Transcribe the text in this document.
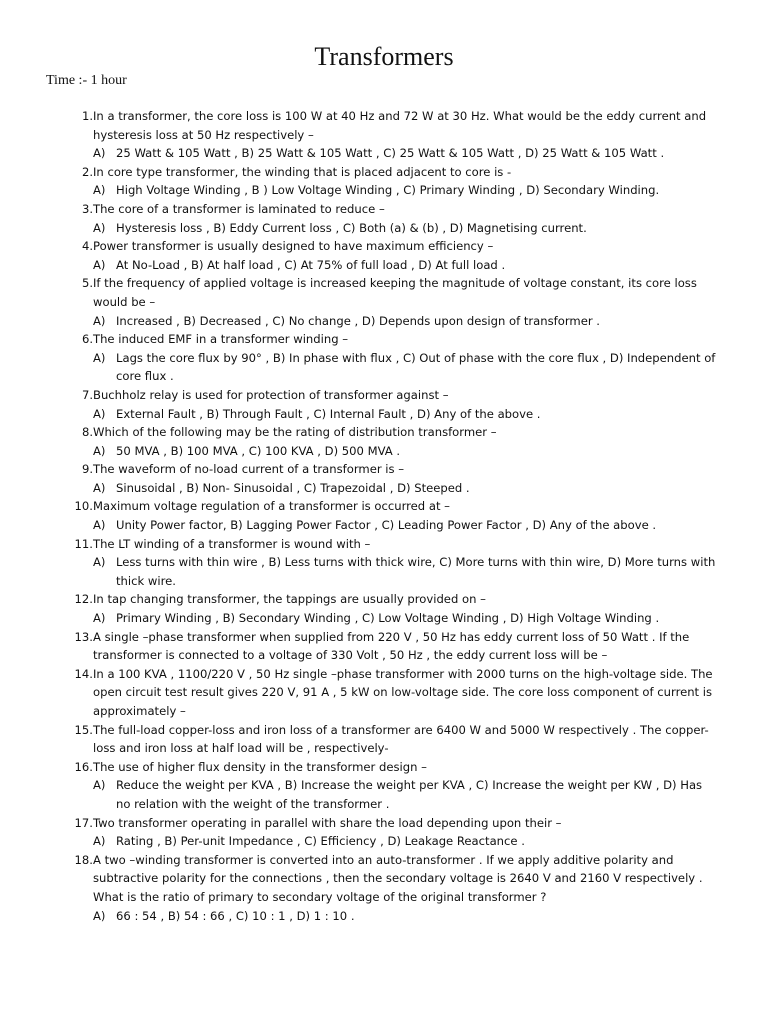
Transformers
Time :- 1 hour
1. In a transformer, the core loss is 100 W at 40 Hz and 72 W at 30 Hz. What would be the eddy current and hysteresis loss at 50 Hz respectively –
A) 25 Watt & 105 Watt , B) 25 Watt & 105 Watt , C) 25 Watt & 105 Watt , D) 25 Watt & 105 Watt .
2. In core type transformer, the winding that is placed adjacent to core is -
A) High Voltage Winding , B ) Low Voltage Winding , C) Primary Winding , D) Secondary Winding.
3. The core of a transformer is laminated to reduce –
A) Hysteresis loss , B) Eddy Current loss , C) Both (a) & (b) , D) Magnetising current.
4. Power transformer is usually designed to have maximum efficiency –
A) At No-Load , B) At half load , C) At 75% of full load , D) At full load .
5. If the frequency of applied voltage is increased keeping the magnitude of voltage constant, its core loss would be –
A) Increased , B) Decreased , C) No change , D) Depends upon design of transformer .
6. The induced EMF in a transformer winding –
A) Lags the core flux by 90° , B) In phase with flux , C) Out of phase with the core flux , D) Independent of core flux .
7. Buchholz relay is used for protection of transformer against –
A) External Fault , B) Through Fault , C) Internal Fault , D) Any of the above .
8. Which of the following may be the rating of distribution transformer –
A) 50 MVA , B) 100 MVA , C) 100 KVA , D) 500 MVA .
9. The waveform of no-load current of a transformer is –
A) Sinusoidal , B) Non- Sinusoidal , C) Trapezoidal , D) Steeped .
10. Maximum voltage regulation of a transformer is occurred at –
A) Unity Power factor, B) Lagging Power Factor , C) Leading Power Factor , D) Any of the above .
11. The LT winding of a transformer is wound with –
A) Less turns with thin wire , B) Less turns with thick wire, C) More turns with thin wire, D) More turns with thick wire.
12. In tap changing transformer, the tappings are usually provided on –
A) Primary Winding , B) Secondary Winding , C) Low Voltage Winding , D) High Voltage Winding .
13. A single –phase transformer when supplied from 220 V , 50 Hz has eddy current loss of 50 Watt . If the transformer is connected to a voltage of 330 Volt , 50 Hz , the eddy current loss will be –
14. In a 100 KVA , 1100/220 V , 50 Hz single –phase transformer with 2000 turns on the high-voltage side. The open circuit test result gives 220 V, 91 A , 5 kW on low-voltage side. The core loss component of current is approximately –
15. The full-load copper-loss and iron loss of a transformer are 6400 W and 5000 W respectively . The copper-loss and iron loss at half load will be , respectively-
16. The use of higher flux density in the transformer design –
A) Reduce the weight per KVA , B) Increase the weight per KVA , C) Increase the weight per KW , D) Has no relation with the weight of the transformer .
17. Two transformer operating in parallel with share the load depending upon their –
A) Rating , B) Per-unit Impedance , C) Efficiency , D) Leakage Reactance .
18. A two –winding transformer is converted into an auto-transformer . If we apply additive polarity and subtractive polarity for the connections , then the secondary voltage is 2640 V and 2160 V respectively . What is the ratio of primary to secondary voltage of the original transformer ?
A) 66 : 54 , B) 54 : 66 , C) 10 : 1 , D) 1 : 10 .
